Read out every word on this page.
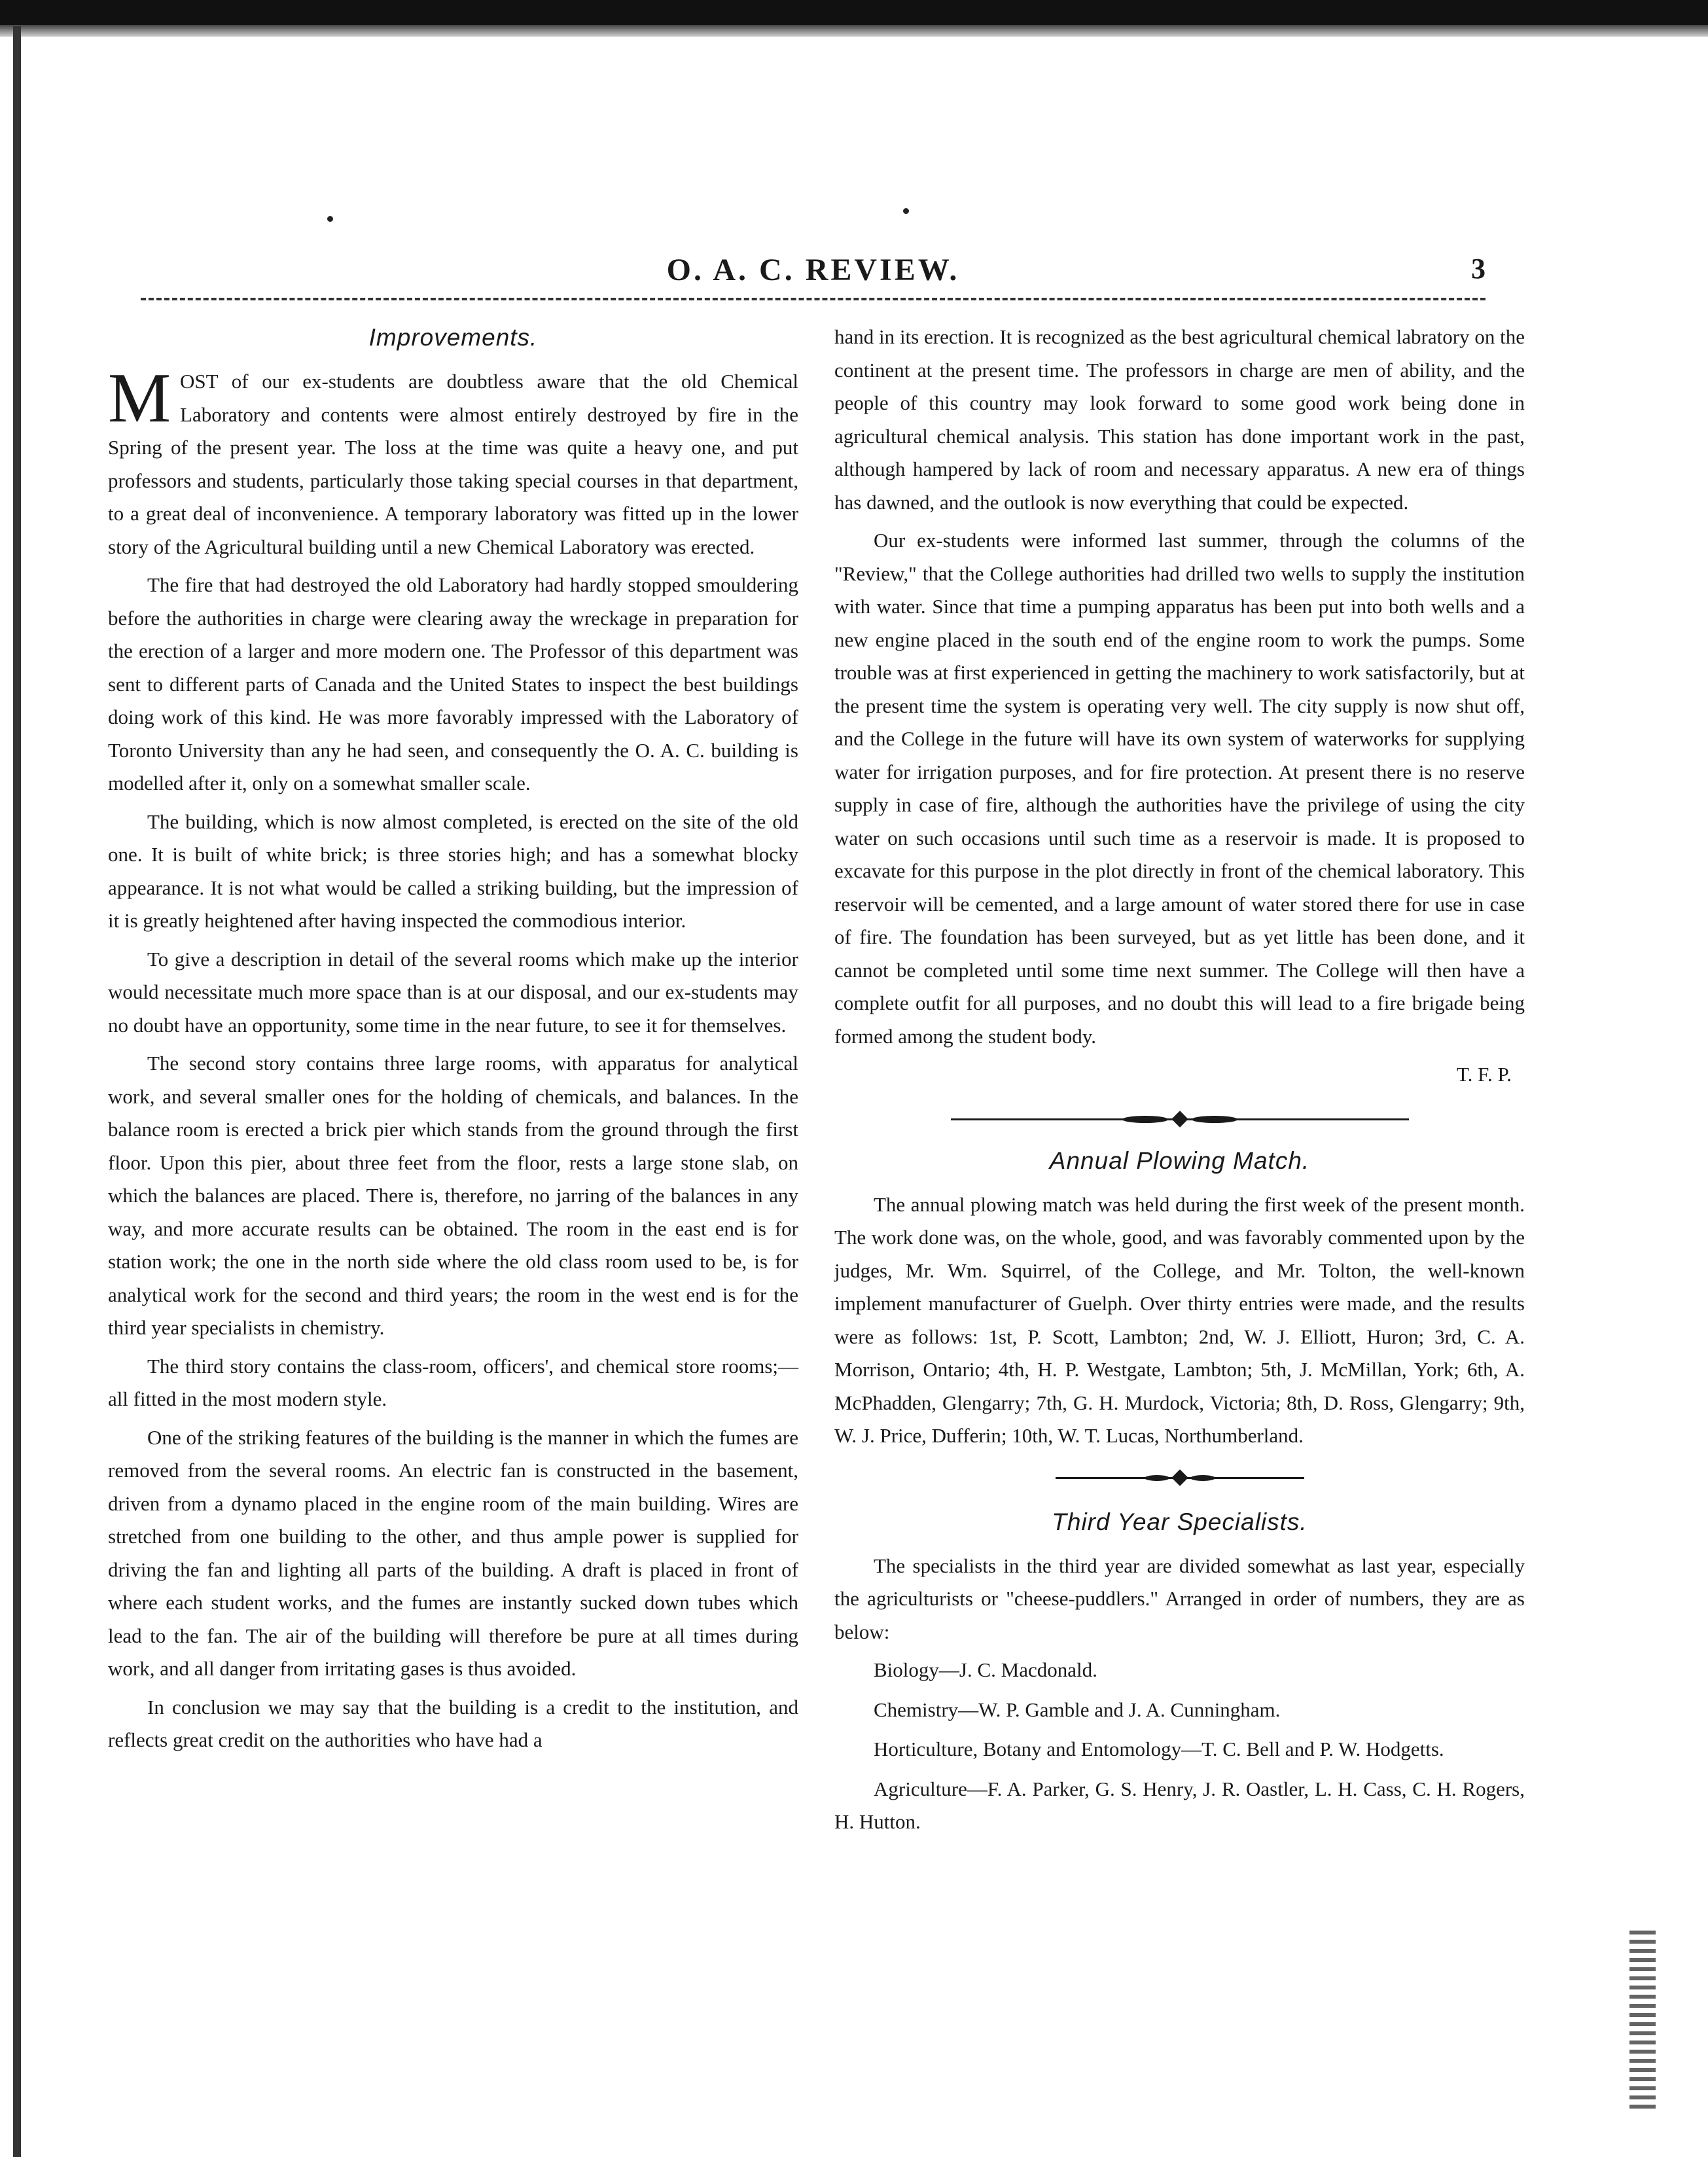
O. A. C. REVIEW.	3
Improvements.

MOST of our ex-students are doubtless aware that the old Chemical Laboratory and contents were almost entirely destroyed by fire in the Spring of the present year. The loss at the time was quite a heavy one, and put professors and students, particularly those taking special courses in that department, to a great deal of inconvenience. A temporary laboratory was fitted up in the lower story of the Agricultural building until a new Chemical Laboratory was erected.

The fire that had destroyed the old Laboratory had hardly stopped smouldering before the authorities in charge were clearing away the wreckage in preparation for the erection of a larger and more modern one. The Professor of this department was sent to different parts of Canada and the United States to inspect the best buildings doing work of this kind. He was more favorably impressed with the Laboratory of Toronto University than any he had seen, and consequently the O. A. C. building is modelled after it, only on a somewhat smaller scale.

The building, which is now almost completed, is erected on the site of the old one. It is built of white brick; is three stories high; and has a somewhat blocky appearance. It is not what would be called a striking building, but the impression of it is greatly heightened after having inspected the commodious interior.

To give a description in detail of the several rooms which make up the interior would necessitate much more space than is at our disposal, and our ex-students may no doubt have an opportunity, some time in the near future, to see it for themselves.

The second story contains three large rooms, with apparatus for analytical work, and several smaller ones for the holding of chemicals, and balances. In the balance room is erected a brick pier which stands from the ground through the first floor. Upon this pier, about three feet from the floor, rests a large stone slab, on which the balances are placed. There is, therefore, no jarring of the balances in any way, and more accurate results can be obtained. The room in the east end is for station work; the one in the north side where the old class room used to be, is for analytical work for the second and third years; the room in the west end is for the third year specialists in chemistry.

The third story contains the class-room, officers', and chemical store rooms;—all fitted in the most modern style.

One of the striking features of the building is the manner in which the fumes are removed from the several rooms. An electric fan is constructed in the basement, driven from a dynamo placed in the engine room of the main building. Wires are stretched from one building to the other, and thus ample power is supplied for driving the fan and lighting all parts of the building. A draft is placed in front of where each student works, and the fumes are instantly sucked down tubes which lead to the fan. The air of the building will therefore be pure at all times during work, and all danger from irritating gases is thus avoided.

In conclusion we may say that the building is a credit to the institution, and reflects great credit on the authorities who have had a

hand in its erection. It is recognized as the best agricultural chemical labratory on the continent at the present time. The professors in charge are men of ability, and the people of this country may look forward to some good work being done in agricultural chemical analysis. This station has done important work in the past, although hampered by lack of room and necessary apparatus. A new era of things has dawned, and the outlook is now everything that could be expected.

Our ex-students were informed last summer, through the columns of the "Review," that the College authorities had drilled two wells to supply the institution with water. Since that time a pumping apparatus has been put into both wells and a new engine placed in the south end of the engine room to work the pumps. Some trouble was at first experienced in getting the machinery to work satisfactorily, but at the present time the system is operating very well. The city supply is now shut off, and the College in the future will have its own system of waterworks for supplying water for irrigation purposes, and for fire protection. At present there is no reserve supply in case of fire, although the authorities have the privilege of using the city water on such occasions until such time as a reservoir is made. It is proposed to excavate for this purpose in the plot directly in front of the chemical laboratory. This reservoir will be cemented, and a large amount of water stored there for use in case of fire. The foundation has been surveyed, but as yet little has been done, and it cannot be completed until some time next summer. The College will then have a complete outfit for all purposes, and no doubt this will lead to a fire brigade being formed among the student body.

T. F. P.
Annual Plowing Match.

The annual plowing match was held during the first week of the present month. The work done was, on the whole, good, and was favorably commented upon by the judges, Mr. Wm. Squirrel, of the College, and Mr. Tolton, the well-known implement manufacturer of Guelph. Over thirty entries were made, and the results were as follows: 1st, P. Scott, Lambton; 2nd, W. J. Elliott, Huron; 3rd, C. A. Morrison, Ontario; 4th, H. P. Westgate, Lambton; 5th, J. McMillan, York; 6th, A. McPhadden, Glengarry; 7th, G. H. Murdock, Victoria; 8th, D. Ross, Glengarry; 9th, W. J. Price, Dufferin; 10th, W. T. Lucas, Northumberland.

Third Year Specialists.

The specialists in the third year are divided somewhat as last year, especially the agriculturists or "cheese-puddlers." Arranged in order of numbers, they are as below:

Biology—J. C. Macdonald.

Chemistry—W. P. Gamble and J. A. Cunningham.

Horticulture, Botany and Entomology—T. C. Bell and P. W. Hodgetts.

Agriculture—F. A. Parker, G. S. Henry, J. R. Oastler, L. H. Cass, C. H. Rogers, H. Hutton.
